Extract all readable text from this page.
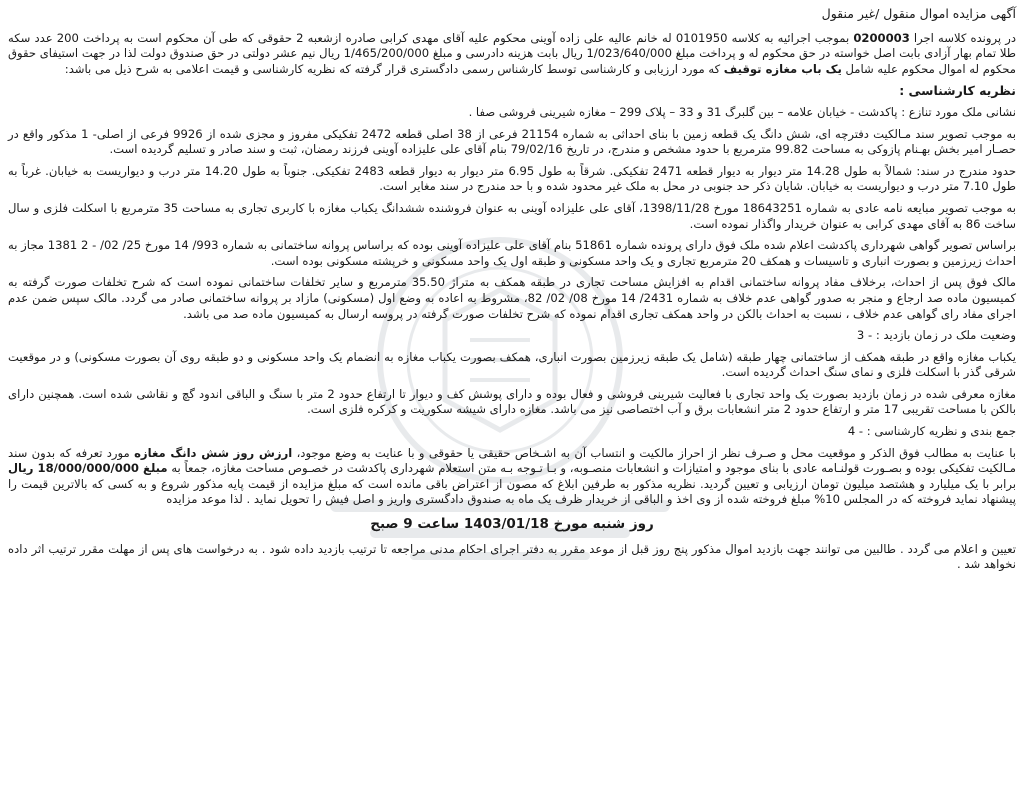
آگهی مزایده اموال منقول /غیر منقول

در پرونده کلاسه اجرا 0200003 بموجب اجرائیه به کلاسه 0101950 له خانم عالیه علی زاده آوینی محکوم علیه آقای مهدی کرابی صادره ازشعبه 2 حقوقی که طی آن محکوم است به پرداخت 200 عدد سکه طلا تمام بهار آزادی بابت اصل خواسته در حق محکوم له و پرداخت مبلغ 1/023/640/000 ریال بابت هزینه دادرسی و مبلغ 1/465/200/000 ریال نیم عشر دولتی در حق صندوق دولت لذا در جهت استیفای حقوق محکوم له اموال محکوم علیه شامل یک باب مغازه توقیف که مورد ارزیابی و کارشناسی توسط کارشناس رسمی دادگستری قرار گرفته که نظریه کارشناسی و قیمت اعلامی به شرح ذیل می باشد:

نظریه کارشناسی :

نشانی ملک مورد تنازع : پاکدشت - خیابان علامه – بین گلبرگ 31 و 33 – پلاک 299 – مغازه شیرینی فروشی صفا .

به موجب تصویر سند مـالکیت دفترچه ای، شش دانگ یک قطعه زمین با بنای احداثی به شماره 21154 فرعی از 38 اصلی قطعه 2472 تفکیکی مفروز و مجزی شده از 9926 فرعی از اصلی- 1 مذکور واقع در حصـار امیر بخش بهـنام پازوکی به مساحت 99.82 مترمربع با حدود مشخص و مندرج، در تاریخ 79/02/16 بنام آقای علی علیزاده آوینی فرزند رمضان، ثبت و سند صادر و تسلیم گردیده است.

حدود مندرج در سند: شمالاً به طول 14.28 متر دیوار به دیوار قطعه 2471 تفکیکی. شرقاً به طول 6.95 متر دیوار به دیوار قطعه 2483 تفکیکی. جنوباً به طول 14.20 متر درب و دیواریست به خیابان. غرباً به طول 7.10 متر درب و دیواریست به خیابان. شایان ذکر حد جنوبی در محل به ملک غیر محدود شده و با حد مندرج در سند مغایر است.

به موجب تصویر مبایعه نامه عادی به شماره 18643251 مورخ 1398/11/28، آقای علی علیزاده آوینی به عنوان فروشنده ششدانگ یکباب مغازه با کاربری تجاری به مساحت 35 مترمربع با اسکلت فلزی و سال ساخت 86 به آقای مهدی کرابی به عنوان خریدار واگذار نموده است.

براساس تصویر گواهی شهرداری پاکدشت اعلام شده ملک فوق دارای پرونده شماره 51861 بنام آقای علی علیزاده آوینی بوده که براساس پروانه ساختمانی به شماره 993/ 14 مورخ 25/ 02/ - 2 1381 مجاز به احداث زیرزمین و بصورت انباری و تاسیسات و همکف 20 مترمربع تجاری و یک واحد مسکونی و طبقه اول یک واحد مسکونی و خرپشته مسکونی بوده است.

مالک فوق پس از احداث، برخلاف مفاد پروانه ساختمانی اقدام به افزایش مساحت تجاری در طبقه همکف به متراژ 35.50 مترمربع و سایر تخلفات ساختمانی نموده است که شرح تخلفات صورت گرفته به کمیسیون ماده صد ارجاع و منجر به صدور گواهی عدم خلاف به شماره 2431/ 14 مورخ 08/ 02/ 82، مشروط به اعاده به وضع اول (مسکونی) مازاد بر پروانه ساختمانی صادر می گردد. مالک سپس ضمن عدم اجرای مفاد رای گواهی عدم خلاف ، نسبت به احداث بالکن در واحد همکف تجاری اقدام نموده که شرح تخلفات صورت گرفته در پروسه ارسال به کمیسیون ماده صد می باشد.

وضعیت ملک در زمان بازدید : - 3

یکباب مغازه واقع در طبقه همکف از ساختمانی چهار طبقه (شامل یک طبقه زیرزمین بصورت انباری، همکف بصورت یکباب مغازه به انضمام یک واحد مسکونی و دو طبقه روی آن بصورت مسکونی) و در موقعیت شرقی گذر با اسکلت فلزی و نمای سنگ احداث گردیده است.

مغازه معرفی شده در زمان بازدید بصورت یک واحد تجاری با فعالیت شیرینی فروشی و فعال بوده و دارای پوشش کف و دیوار تا ارتفاع حدود 2 متر با سنگ و الباقی اندود گچ و نقاشی شده است. همچنین دارای بالکن با مساحت تقریبی 17 متر و ارتفاع حدود 2 متر انشعابات برق و آب اختصاصی نیز می باشد. مغازه دارای شیشه سکوریت و کرکره فلزی است.

جمع بندی و نظریه کارشناسی : - 4

با عنایت به مطالب فوق الذکر و موقعیت محل و صـرف نظر از احراز مالکیت و انتساب آن به اشـخاص حقیقی یا حقوقی و با عنایت به وضع موجود، ارزش روز شش دانگ مغازه مورد تعرفه که بدون سند مـالکیت تفکیکی بوده و بصـورت قولنـامه عادی با بنای موجود و امتیازات و انشعابات منصـوبه، و بـا تـوجه بـه متن استعلام شهرداری پاکدشت در خصـوص مساحت مغازه، جمعاً به مبلغ 18/000/000/000 ریال برابر با یک میلیارد و هشتصد میلیون تومان ارزیابی و تعیین گردید. نظریه مذکور به طرفین ابلاغ که مصون از اعتراض باقی مانده است که مبلغ مزایده از قیمت پایه مذکور شروع و به کسی که بالاترین قیمت را پیشنهاد نماید فروخته که در المجلس 10% مبلغ فروخته شده از وی اخذ و الباقی از خریدار ظرف یک ماه به صندوق دادگستری واریز و اصل فیش را تحویل نماید . لذا موعد مزایده

روز شنبه مورخ 1403/01/18 ساعت 9 صبح

تعیین و اعلام می گردد . طالبین می توانند جهت بازدید اموال مذکور پنج روز قبل از موعد مقرر به دفتر اجرای احکام مدنی مراجعه تا ترتیب بازدید داده شود . به درخواست های پس از مهلت مقرر ترتیب اثر داده نخواهد شد .
